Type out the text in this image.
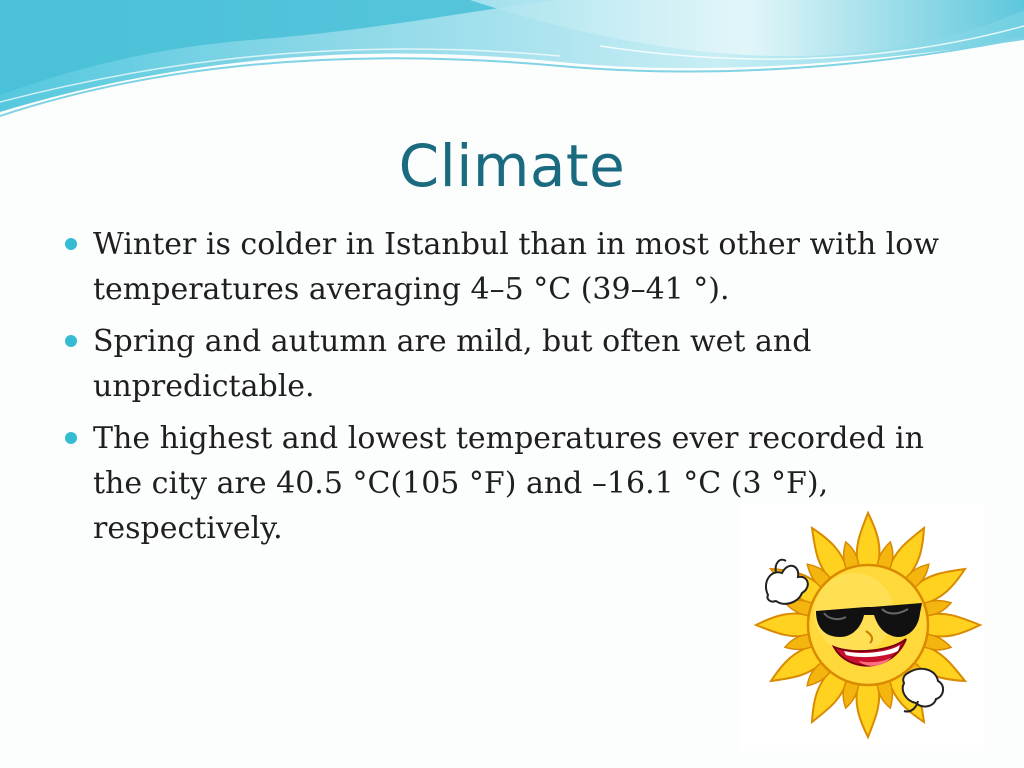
Climate
Winter is colder in Istanbul than in most other with low temperatures averaging 4–5 °C (39–41 °).
Spring and autumn are mild, but often wet and unpredictable.
The highest and lowest temperatures ever recorded in the city are 40.5 °C(105 °F) and –16.1 °C (3 °F), respectively.
